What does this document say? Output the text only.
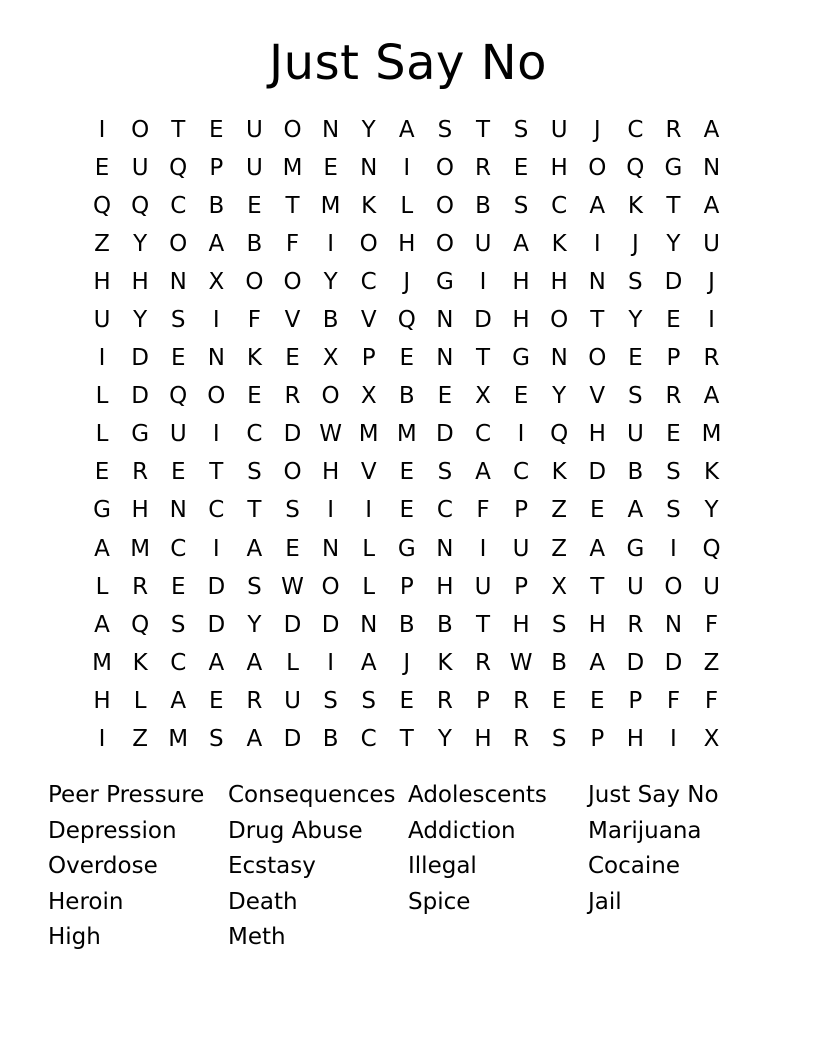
Just Say No
I	O T	E U O N Y	A S	T	S U	J	C R A
E U Q P U M E N	I	O R E H O Q G N
Q Q C B E	T M K	L O B S C A K	T	A
Z	Y O A B	F	I	O H O U A K	I	J	Y U
H H N X O O Y	C	J	G	I	H H N S D	J
U Y	S	I	F	V B V Q N D H O T	Y	E	I
I	D E N K	E X	P	E N T G N O E	P	R
L D Q O E R O X B E X E	Y	V S R A
L G U	I	C D W M M D C	I	Q H U E M
E R E	T	S O H V E	S A C K D B S	K
G H N C	T	S	I	I	E C	F	P	Z E A S	Y
A M C	I	A E N	L G N	I	U Z A G	I	Q
L	R E D S W O L	P H U P	X	T U O U
A Q S D Y D D N B B	T H S H R N F
M K C A A	L	I	A	J	K R W B A D D Z
H	L	A E R U S	S	E R	P	R E	E	P	F	F
I	Z M S A D B C	T	Y H R S	P H	I	X
Peer Pressure	Consequences Adolescents	Just Say No
Depression	Drug Abuse	Addiction	Marijuana
Overdose	Ecstasy	Illegal	Cocaine
Heroin	Death	Spice	Jail
High	Meth
